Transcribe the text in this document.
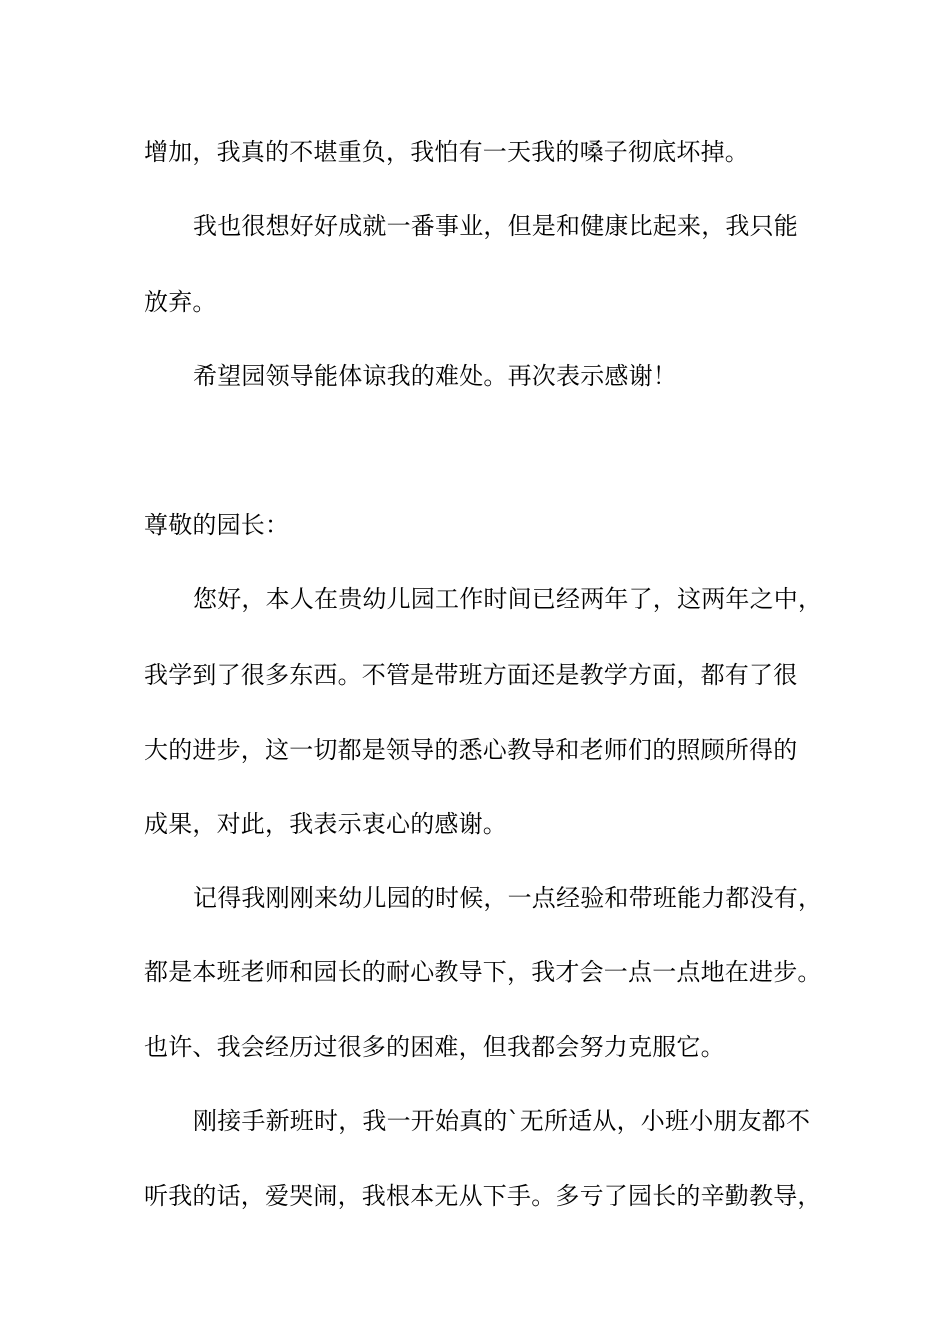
增加，我真的不堪重负，我怕有一天我的嗓子彻底坏掉。
我也很想好好成就一番事业，但是和健康比起来，我只能
放弃。
希望园领导能体谅我的难处。再次表示感谢！
尊敬的园长：
您好，本人在贵幼儿园工作时间已经两年了，这两年之中，
我学到了很多东西。不管是带班方面还是教学方面，都有了很
大的进步，这一切都是领导的悉心教导和老师们的照顾所得的
成果，对此，我表示衷心的感谢。
记得我刚刚来幼儿园的时候，一点经验和带班能力都没有，
都是本班老师和园长的耐心教导下，我才会一点一点地在进步。
也许、我会经历过很多的困难，但我都会努力克服它。
刚接手新班时，我一开始真的`无所适从，小班小朋友都不
听我的话，爱哭闹，我根本无从下手。多亏了园长的辛勤教导，
